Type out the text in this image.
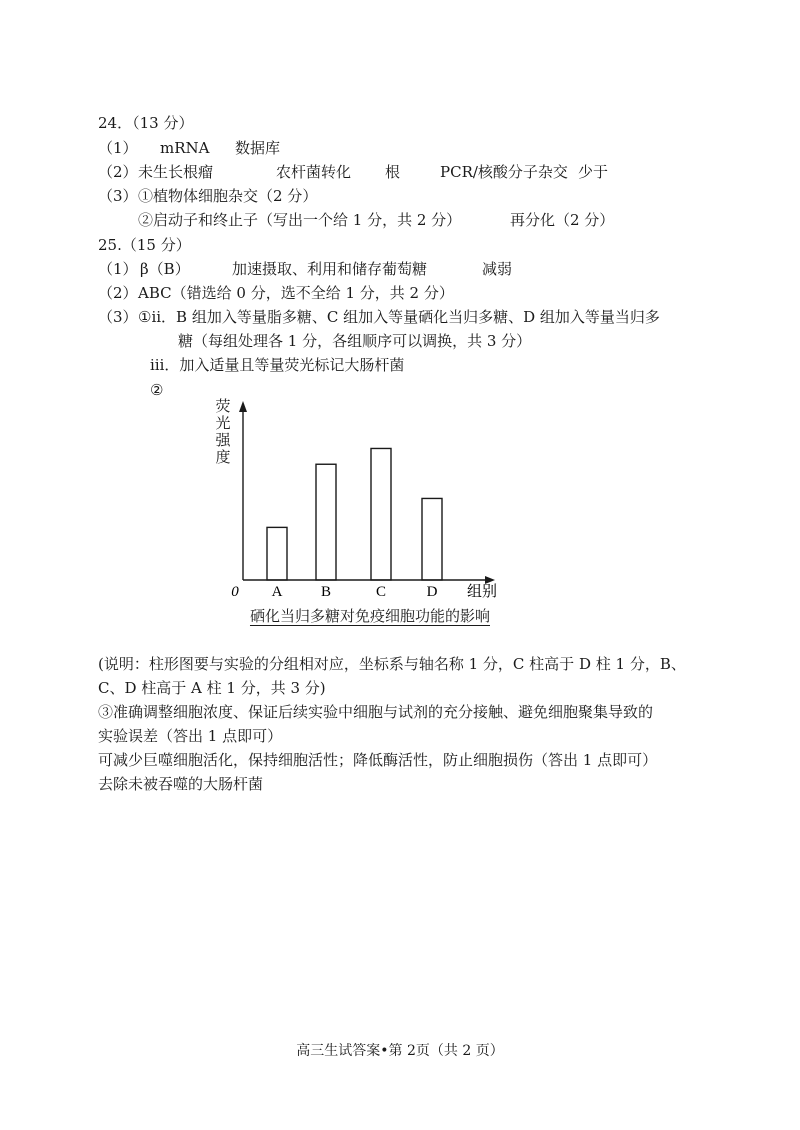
24．（13 分）
（1） mRNA 数据库
（2） 未生长根瘤	农杆菌转化 根	PCR/核酸分子杂交 少于
（3） ①植物体细胞杂交（2 分）
②启动子和终止子（写出一个给 1 分，共 2 分）	再分化（2 分）
25.（15 分）
（1） β（B）	加速摄取、利用和储存葡萄糖	减弱
（2） ABC（错选给 0 分，选不全给 1 分，共 2 分）
（3） ①ⅱ．B 组加入等量脂多糖、C 组加入等量硒化当归多糖、D 组加入等量当归多
糖（每组处理各 1 分，各组顺序可以调换，共 3 分）
ⅲ．加入适量且等量荧光标记大肠杆菌
②
荧光强度
0	组别
A	B	C	D
硒化当归多糖对免疫细胞功能的影响
(说明：柱形图要与实验的分组相对应，坐标系与轴名称 1 分，C 柱高于 D 柱 1 分，B、
C、D 柱高于 A 柱 1 分，共 3 分)
③准确调整细胞浓度、保证后续实验中细胞与试剂的充分接触、避免细胞聚集导致的
实验误差（答出 1 点即可）
可减少巨噬细胞活化，保持细胞活性；降低酶活性，防止细胞损伤（答出 1 点即可）
去除未被吞噬的大肠杆菌
高三生试答案•第 2页（共 2 页）
